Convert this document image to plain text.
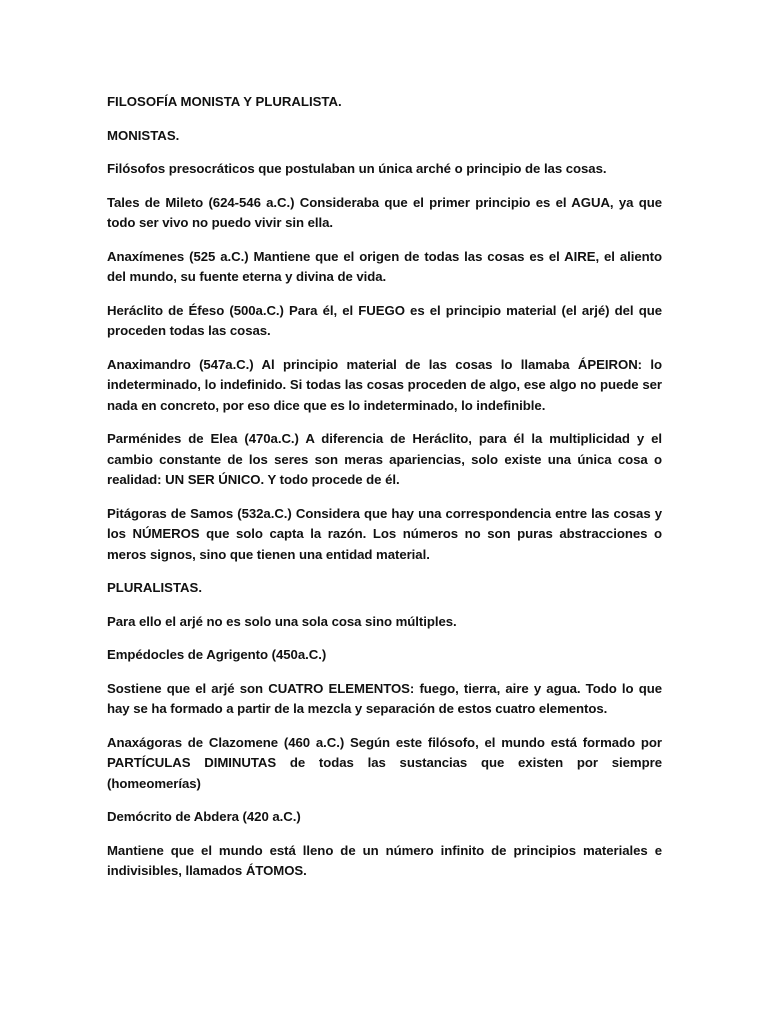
FILOSOFÍA MONISTA Y PLURALISTA.

MONISTAS.

Filósofos presocráticos que postulaban un única arché o principio de las cosas.

Tales de Mileto (624-546 a.C.) Consideraba que el primer principio es el AGUA, ya que todo ser vivo no puedo vivir sin ella.

Anaxímenes (525 a.C.) Mantiene que el origen de todas las cosas es el AIRE, el aliento del mundo, su fuente eterna y divina de vida.

Heráclito de Éfeso (500a.C.) Para él, el FUEGO es el principio material (el arjé) del que proceden todas las cosas.

Anaximandro (547a.C.) Al principio material de las cosas lo llamaba ÁPEIRON: lo indeterminado, lo indefinido. Si todas las cosas proceden de algo, ese algo no puede ser nada en concreto, por eso dice que es lo indeterminado, lo indefinible.

Parménides de Elea (470a.C.) A diferencia de Heráclito, para él la multiplicidad y el cambio constante de los seres son meras apariencias, solo existe una única cosa o realidad: UN SER ÚNICO. Y todo procede de él.

Pitágoras de Samos (532a.C.) Considera que hay una correspondencia entre las cosas y los NÚMEROS que solo capta la razón. Los números no son puras abstracciones o meros signos, sino que tienen una entidad material.

PLURALISTAS.

Para ello el arjé no es solo una sola cosa sino múltiples.

Empédocles de Agrigento (450a.C.)

Sostiene que el arjé son CUATRO ELEMENTOS: fuego, tierra, aire y agua. Todo lo que hay se ha formado a partir de la mezcla y separación de estos cuatro elementos.

Anaxágoras de Clazomene (460 a.C.) Según este filósofo, el mundo está formado por PARTÍCULAS DIMINUTAS de todas las sustancias que existen por siempre (homeomerías)

Demócrito de Abdera (420 a.C.)

Mantiene que el mundo está lleno de un número infinito de principios materiales e indivisibles, llamados ÁTOMOS.
